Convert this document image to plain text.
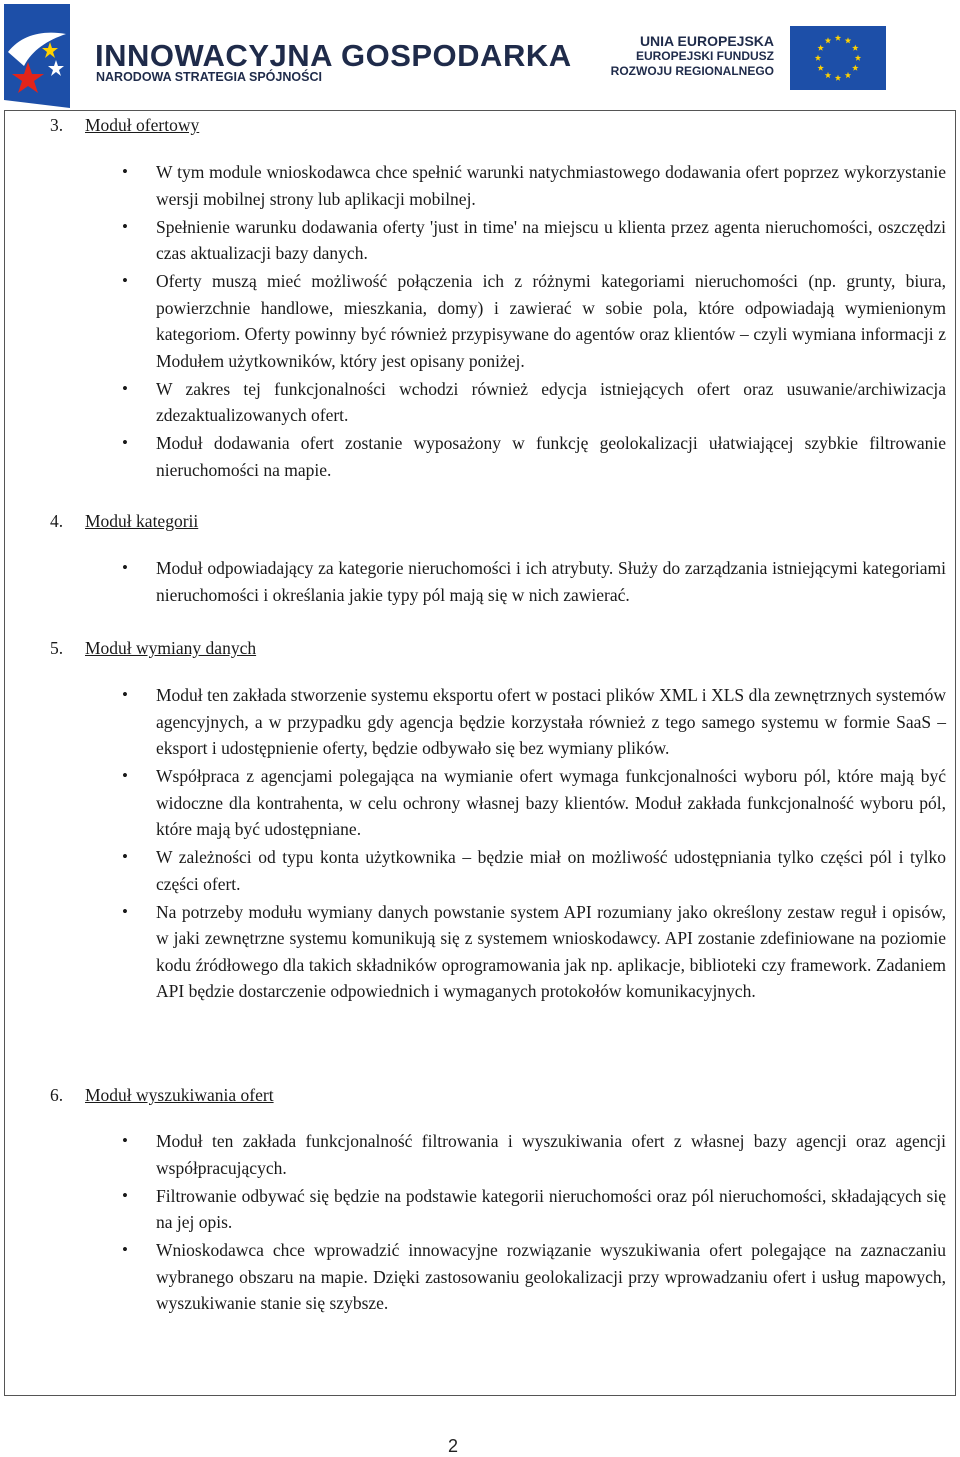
INNOWACYJNA GOSPODARKA
NARODOWA STRATEGIA SPÓJNOŚCI
UNIA EUROPEJSKA
EUROPEJSKI FUNDUSZ
ROZWOJU REGIONALNEGO
3. Moduł ofertowy
• W tym module wnioskodawca chce spełnić warunki natychmiastowego dodawania ofert poprzez wykorzystanie wersji mobilnej strony lub aplikacji mobilnej.
• Spełnienie warunku dodawania oferty 'just in time' na miejscu u klienta przez agenta nieruchomości, oszczędzi czas aktualizacji bazy danych.
• Oferty muszą mieć możliwość połączenia ich z różnymi kategoriami nieruchomości (np. grunty, biura, powierzchnie handlowe, mieszkania, domy) i zawierać w sobie pola, które odpowiadają wymienionym kategoriom. Oferty powinny być również przypisywane do agentów oraz klientów – czyli wymiana informacji z Modułem użytkowników, który jest opisany poniżej.
• W zakres tej funkcjonalności wchodzi również edycja istniejących ofert oraz usuwanie/archiwizacja zdezaktualizowanych ofert.
• Moduł dodawania ofert zostanie wyposażony w funkcję geolokalizacji ułatwiającej szybkie filtrowanie nieruchomości na mapie.
4. Moduł kategorii
• Moduł odpowiadający za kategorie nieruchomości i ich atrybuty. Służy do zarządzania istniejącymi kategoriami nieruchomości i określania jakie typy pól mają się w nich zawierać.
5. Moduł wymiany danych
• Moduł ten zakłada stworzenie systemu eksportu ofert w postaci plików XML i XLS dla zewnętrznych systemów agencyjnych, a w przypadku gdy agencja będzie korzystała również z tego samego systemu w formie SaaS – eksport i udostępnienie oferty, będzie odbywało się bez wymiany plików.
• Współpraca z agencjami polegająca na wymianie ofert wymaga funkcjonalności wyboru pól, które mają być widoczne dla kontrahenta, w celu ochrony własnej bazy klientów. Moduł zakłada funkcjonalność wyboru pól, które mają być udostępniane.
• W zależności od typu konta użytkownika – będzie miał on możliwość udostępniania tylko części pól i tylko części ofert.
• Na potrzeby modułu wymiany danych powstanie system API rozumiany jako określony zestaw reguł i opisów, w jaki zewnętrzne systemu komunikują się z systemem wnioskodawcy. API zostanie zdefiniowane na poziomie kodu źródłowego dla takich składników oprogramowania jak np. aplikacje, biblioteki czy framework. Zadaniem API będzie dostarczenie odpowiednich i wymaganych protokołów komunikacyjnych.
6. Moduł wyszukiwania ofert
• Moduł ten zakłada funkcjonalność filtrowania i wyszukiwania ofert z własnej bazy agencji oraz agencji współpracujących.
• Filtrowanie odbywać się będzie na podstawie kategorii nieruchomości oraz pól nieruchomości, składających się na jej opis.
• Wnioskodawca chce wprowadzić innowacyjne rozwiązanie wyszukiwania ofert polegające na zaznaczaniu wybranego obszaru na mapie. Dzięki zastosowaniu geolokalizacji przy wprowadzaniu ofert i usług mapowych, wyszukiwanie stanie się szybsze.
2
